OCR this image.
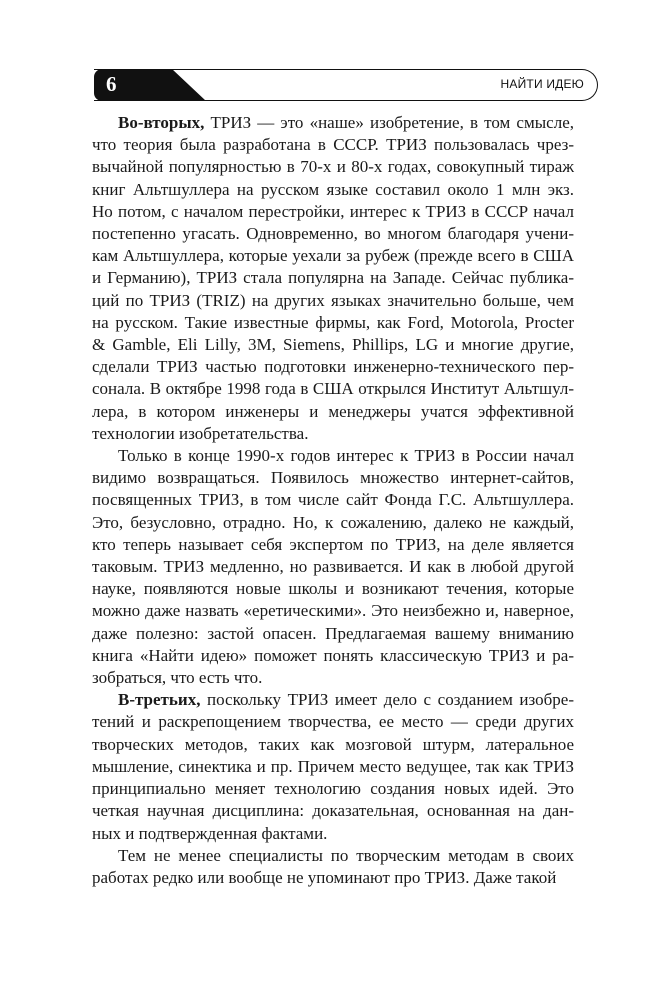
6	НАЙТИ ИДЕЮ
Во-вторых, ТРИЗ — это «наше» изобретение, в том смысле,
что теория была разработана в СССР. ТРИЗ пользовалась чрез-
вычайной популярностью в 70-х и 80-х годах, совокупный тираж
книг Альтшуллера на русском языке составил около 1 млн экз.
Но потом, с началом перестройки, интерес к ТРИЗ в СССР начал
постепенно угасать. Одновременно, во многом благодаря учени-
кам Альтшуллера, которые уехали за рубеж (прежде всего в США
и Германию), ТРИЗ стала популярна на Западе. Сейчас публика-
ций по ТРИЗ (TRIZ) на других языках значительно больше, чем
на русском. Такие известные фирмы, как Ford, Motorola, Procter
& Gamble, Eli Lilly, 3M, Siemens, Phillips, LG и многие другие,
сделали ТРИЗ частью подготовки инженерно-технического пер-
сонала. В октябре 1998 года в США открылся Институт Альтшул-
лера, в котором инженеры и менеджеры учатся эффективной
технологии изобретательства.
Только в конце 1990-х годов интерес к ТРИЗ в России начал
видимо возвращаться. Появилось множество интернет-сайтов,
посвященных ТРИЗ, в том числе сайт Фонда Г.С. Альтшуллера.
Это, безусловно, отрадно. Но, к сожалению, далеко не каждый,
кто теперь называет себя экспертом по ТРИЗ, на деле является
таковым. ТРИЗ медленно, но развивается. И как в любой другой
науке, появляются новые школы и возникают течения, которые
можно даже назвать «еретическими». Это неизбежно и, наверное,
даже полезно: застой опасен. Предлагаемая вашему вниманию
книга «Найти идею» поможет понять классическую ТРИЗ и ра-
зобраться, что есть что.
В-третьих, поскольку ТРИЗ имеет дело с созданием изобре-
тений и раскрепощением творчества, ее место — среди других
творческих методов, таких как мозговой штурм, латеральное
мышление, синектика и пр. Причем место ведущее, так как ТРИЗ
принципиально меняет технологию создания новых идей. Это
четкая научная дисциплина: доказательная, основанная на дан-
ных и подтвержденная фактами.
Тем не менее специалисты по творческим методам в своих
работах редко или вообще не упоминают про ТРИЗ. Даже такой
